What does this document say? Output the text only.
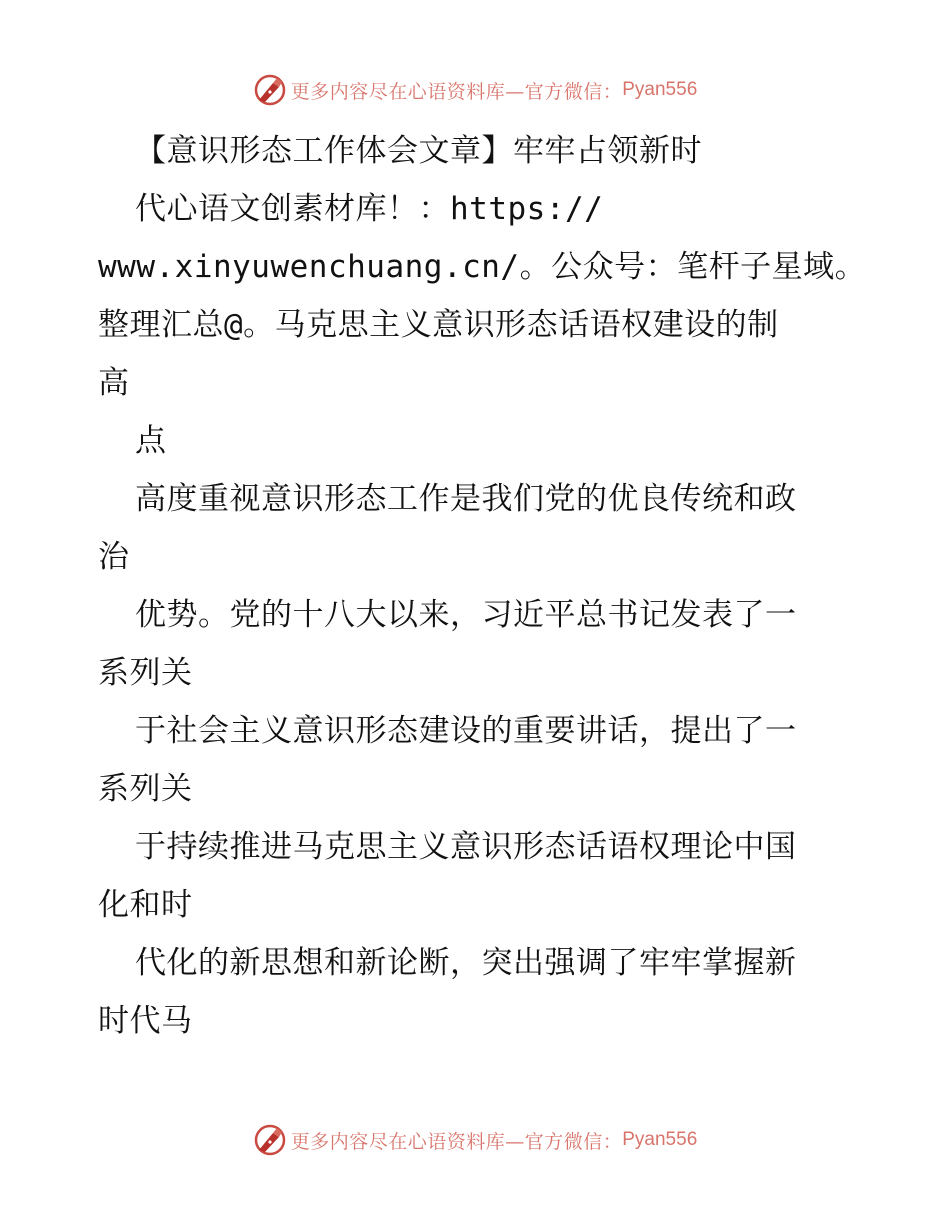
更多内容尽在心语资料库—官方微信： Pyan556
【意识形态工作体会文章】牢牢占领新时
代心语文创素材库！：https://
www.xinyuwenchuang.cn/。公众号：笔杆子星域。
整理汇总@。马克思主义意识形态话语权建设的制
高
点
高度重视意识形态工作是我们党的优良传统和政
治
优势。党的十八大以来，习近平总书记发表了一
系列关
于社会主义意识形态建设的重要讲话，提出了一
系列关
于持续推进马克思主义意识形态话语权理论中国
化和时
代化的新思想和新论断，突出强调了牢牢掌握新
时代马
更多内容尽在心语资料库—官方微信： Pyan556
